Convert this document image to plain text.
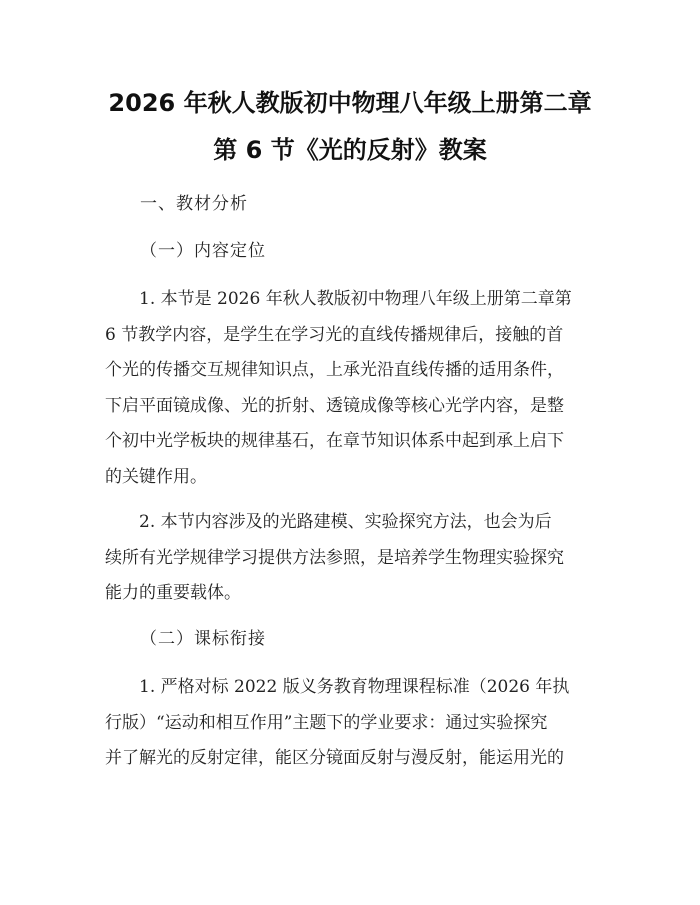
2026 年秋人教版初中物理八年级上册第二章
第 6 节《光的反射》教案
一、教材分析
（一）内容定位
1. 本节是 2026 年秋人教版初中物理八年级上册第二章第
6 节教学内容，是学生在学习光的直线传播规律后，接触的首
个光的传播交互规律知识点，上承光沿直线传播的适用条件，
下启平面镜成像、光的折射、透镜成像等核心光学内容，是整
个初中光学板块的规律基石，在章节知识体系中起到承上启下
的关键作用。
2. 本节内容涉及的光路建模、实验探究方法，也会为后
续所有光学规律学习提供方法参照，是培养学生物理实验探究
能力的重要载体。
（二）课标衔接
1. 严格对标 2022 版义务教育物理课程标准（2026 年执
行版）“运动和相互作用”主题下的学业要求：通过实验探究
并了解光的反射定律，能区分镜面反射与漫反射，能运用光的
